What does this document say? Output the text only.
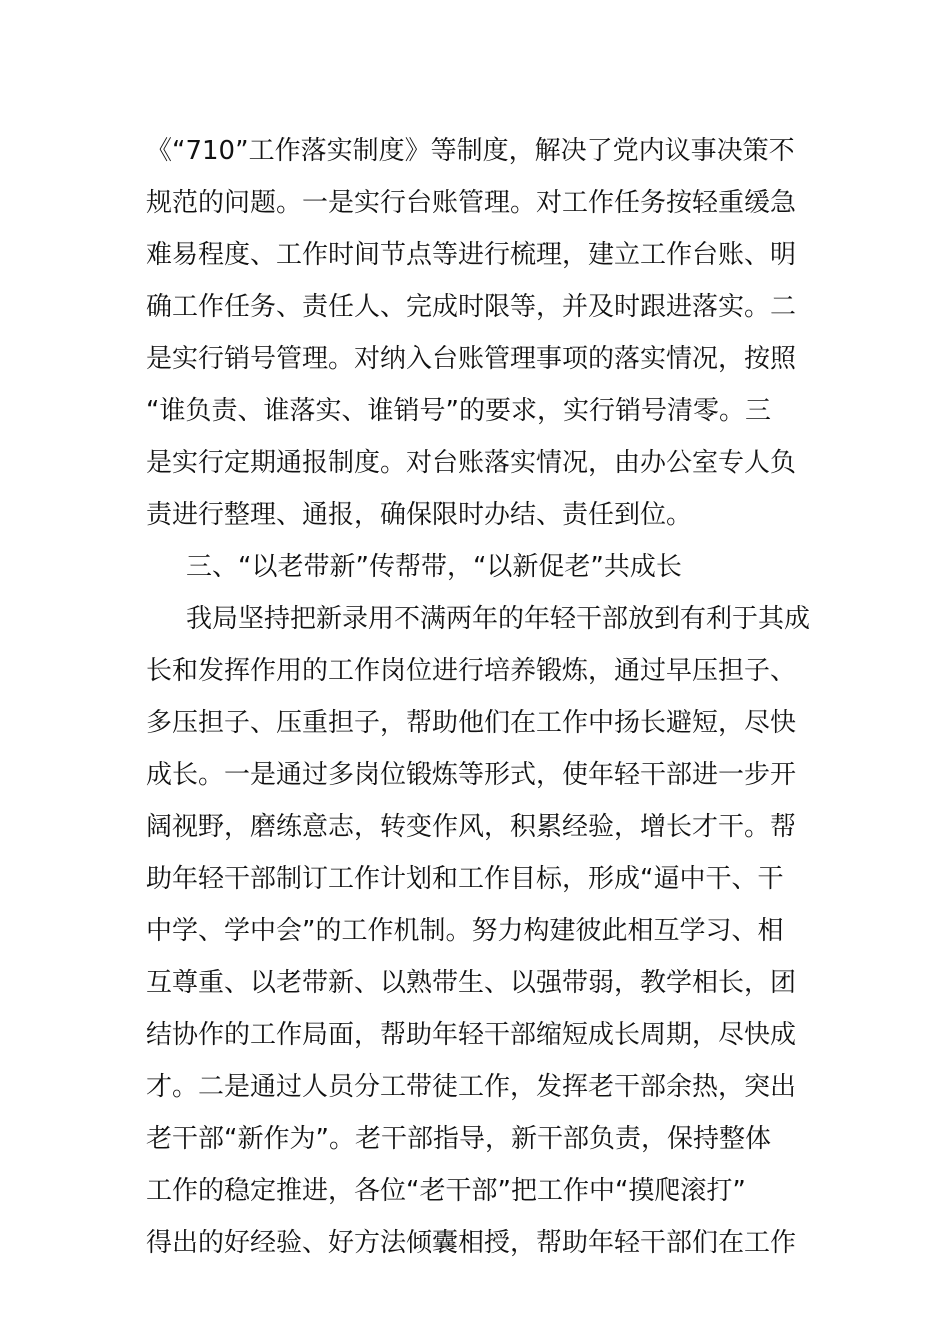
《“710”工作落实制度》等制度，解决了党内议事决策不
规范的问题。一是实行台账管理。对工作任务按轻重缓急
难易程度、工作时间节点等进行梳理，建立工作台账、明
确工作任务、责任人、完成时限等，并及时跟进落实。二
是实行销号管理。对纳入台账管理事项的落实情况，按照
“谁负责、谁落实、谁销号”的要求，实行销号清零。三
是实行定期通报制度。对台账落实情况，由办公室专人负
责进行整理、通报，确保限时办结、责任到位。
三、“以老带新”传帮带，“以新促老”共成长
我局坚持把新录用不满两年的年轻干部放到有利于其成
长和发挥作用的工作岗位进行培养锻炼，通过早压担子、
多压担子、压重担子，帮助他们在工作中扬长避短，尽快
成长。一是通过多岗位锻炼等形式，使年轻干部进一步开
阔视野，磨练意志，转变作风，积累经验，增长才干。帮
助年轻干部制订工作计划和工作目标，形成“逼中干、干
中学、学中会”的工作机制。努力构建彼此相互学习、相
互尊重、以老带新、以熟带生、以强带弱，教学相长，团
结协作的工作局面，帮助年轻干部缩短成长周期，尽快成
才。二是通过人员分工带徒工作，发挥老干部余热，突出
老干部“新作为”。老干部指导，新干部负责，保持整体
工作的稳定推进，各位“老干部”把工作中“摸爬滚打”
得出的好经验、好方法倾囊相授，帮助年轻干部们在工作
